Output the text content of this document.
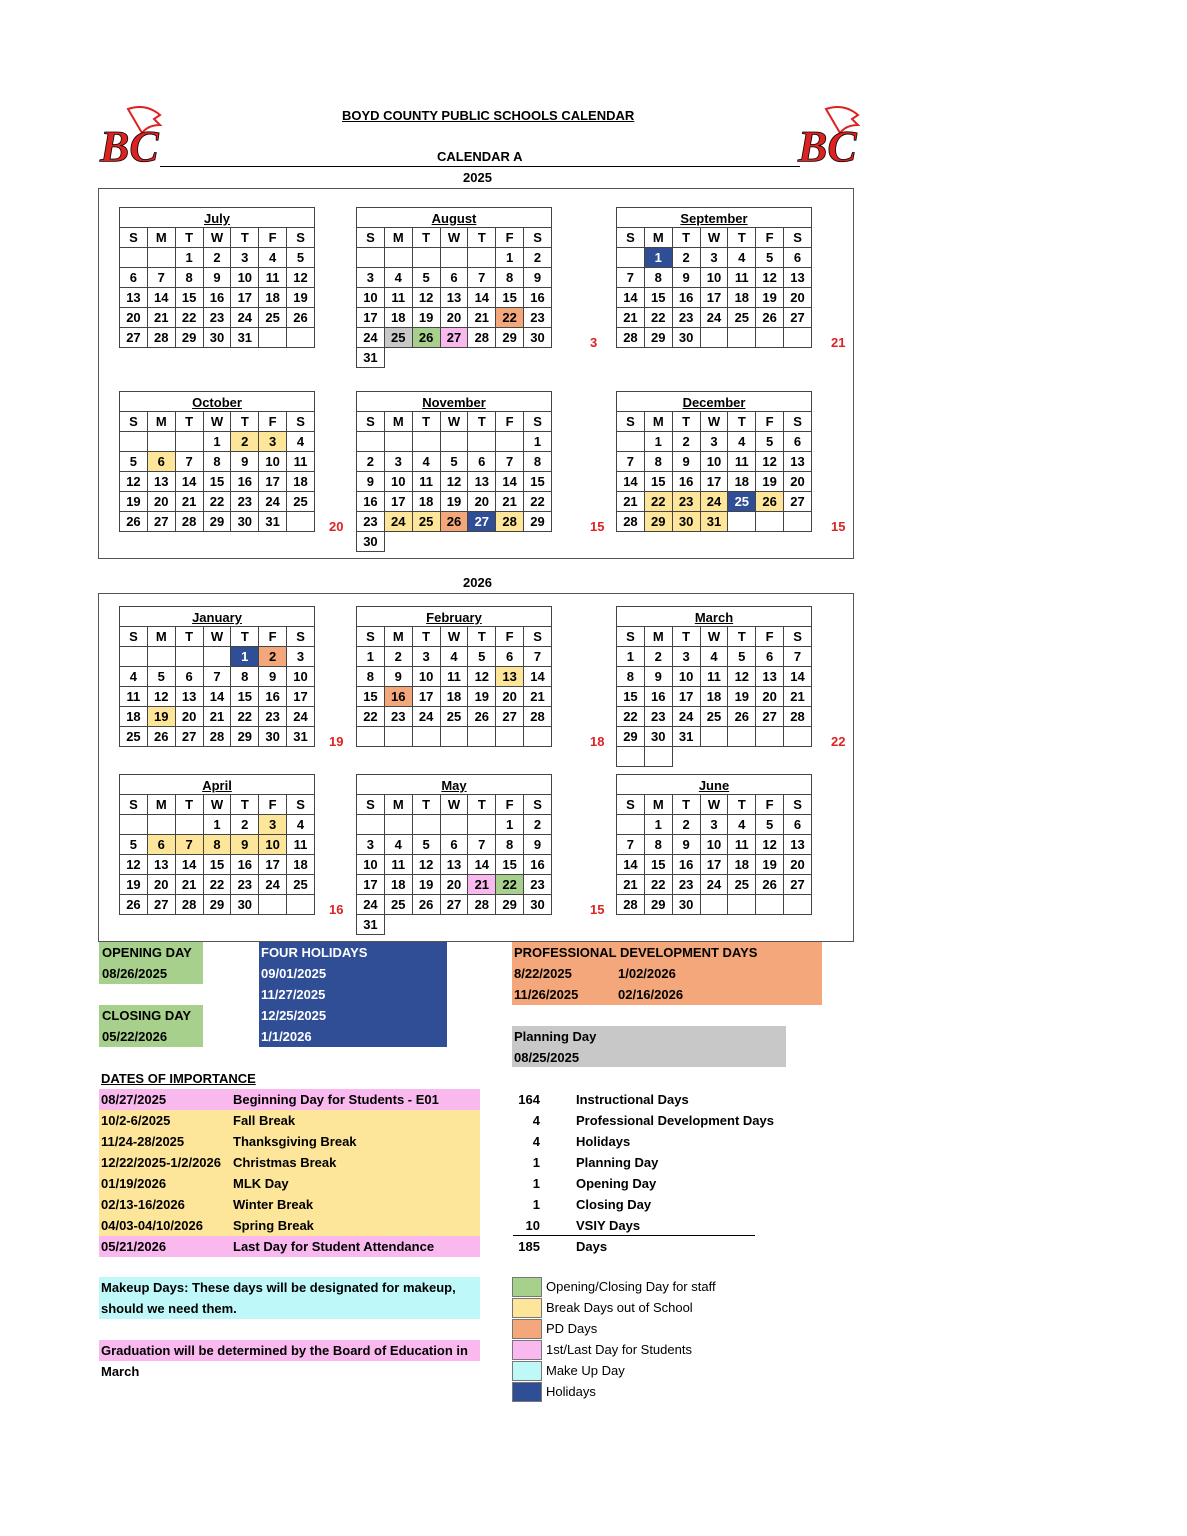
BC	BC
BOYD COUNTY PUBLIC SCHOOLS CALENDAR
CALENDAR A
2025
2026
July
S	M	T	W	T	F	S
		1	2	3	4	5
6	7	8	9	10	11	12
13	14	15	16	17	18	19
20	21	22	23	24	25	26
27	28	29	30	31		
August
S	M	T	W	T	F	S
					1	2
3	4	5	6	7	8	9
10	11	12	13	14	15	16
17	18	19	20	21	22	23
24	25	26	27	28	29	30
31						
3
September
S	M	T	W	T	F	S
	1	2	3	4	5	6
7	8	9	10	11	12	13
14	15	16	17	18	19	20
21	22	23	24	25	26	27
28	29	30					21
October
S	M	T	W	T	F	S
			1	2	3	4
5	6	7	8	9	10	11
12	13	14	15	16	17	18
19	20	21	22	23	24	25
26	27	28	29	30	31		20
November
S	M	T	W	T	F	S
						1
2	3	4	5	6	7	8
9	10	11	12	13	14	15
16	17	18	19	20	21	22
23	24	25	26	27	28	29
30						
15
December
S	M	T	W	T	F	S
	1	2	3	4	5	6
7	8	9	10	11	12	13
14	15	16	17	18	19	20
21	22	23	24	25	26	27
28	29	30	31				15
January
S	M	T	W	T	F	S
				1	2	3
4	5	6	7	8	9	10
11	12	13	14	15	16	17
18	19	20	21	22	23	24
25	26	27	28	29	30	31 19
February
S	M	T	W	T	F	S
1	2	3	4	5	6	7
8	9	10	11	12	13	14
15	16	17	18	19	20	21
22	23	24	25	26	27	28

18
March
S	M	T	W	T	F	S
1	2	3	4	5	6	7
8	9	10	11	12	13	14
15	16	17	18	19	20	21
22	23	24	25	26	27	28
29	30	31				
		22
April
S	M	T	W	T	F	S
			1	2	3	4
5	6	7	8	9	10	11
12	13	14	15	16	17	18
19	20	21	22	23	24	25
26	27	28	29	30			16
May
S	M	T	W	T	F	S
					1	2
3	4	5	6	7	8	9
10	11	12	13	14	15	16
17	18	19	20	21	22	23
24	25	26	27	28	29	30
31						
15
June
S	M	T	W	T	F	S
	1	2	3	4	5	6
7	8	9	10	11	12	13
14	15	16	17	18	19	20
21	22	23	24	25	26	27
28	29	30				
OPENING DAY
08/26/2025
CLOSING DAY
05/22/2026
FOUR HOLIDAYS
09/01/2025
11/27/2025
12/25/2025
1/1/2026
PROFESSIONAL DEVELOPMENT DAYS
8/22/2025	1/02/2026
11/26/2025	02/16/2026
Planning Day
08/25/2025
DATES OF IMPORTANCE
08/27/2025	Beginning Day for Students - E01
10/2-6/2025	Fall Break
11/24-28/2025	Thanksgiving Break
12/22/2025-1/2/2026 Christmas Break
01/19/2026	MLK Day
02/13-16/2026	Winter Break
04/03-04/10/2026 Spring Break
05/21/2026	Last Day for Student Attendance
164	Instructional Days
4	Professional Development Days
4	Holidays
1	Planning Day
1	Opening Day
1	Closing Day
10	VSIY Days
185	Days
Makeup Days: These days will be designated for makeup,
should we need them.
Graduation will be determined by the Board of Education in March
Opening/Closing Day for staff
Break Days out of School
PD Days
1st/Last Day for Students
Make Up Day
Holidays
